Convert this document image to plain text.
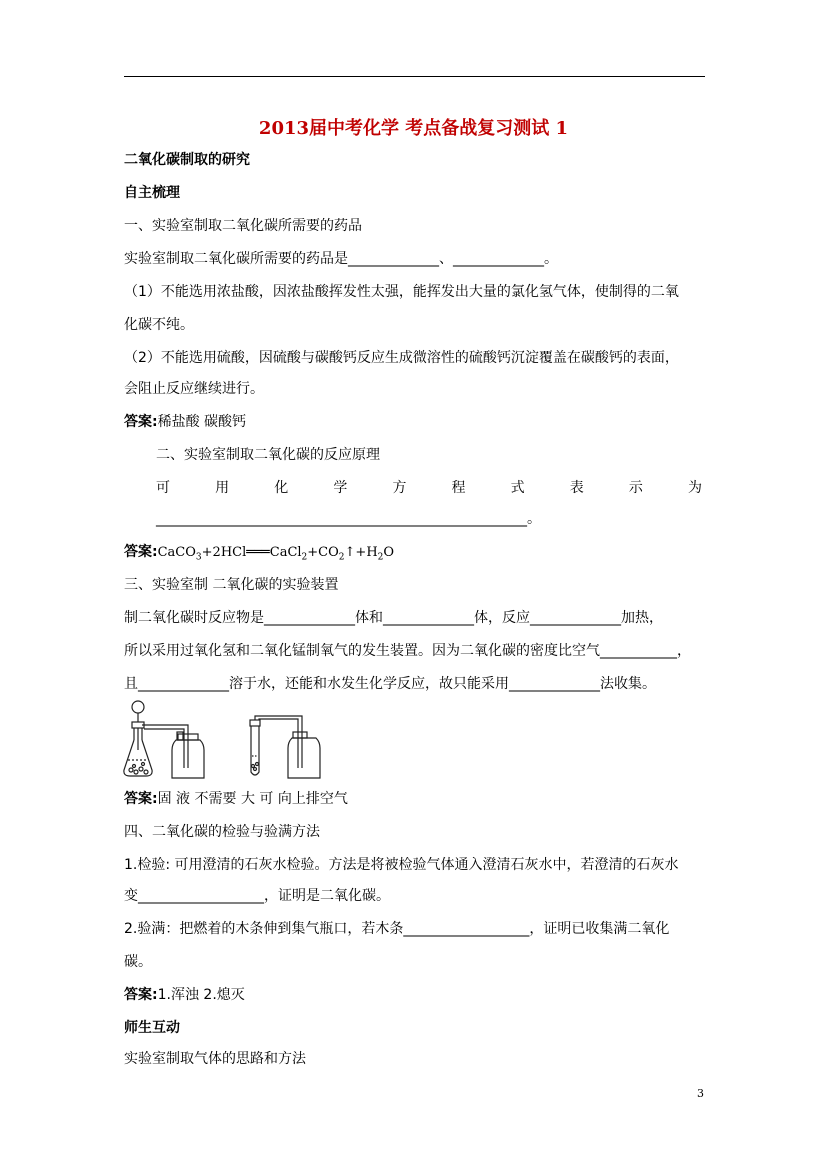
2013届中考化学 考点备战复习测试 1
二氧化碳制取的研究
自主梳理
一、实验室制取二氧化碳所需要的药品
实验室制取二氧化碳所需要的药品是_____________、_____________。
（1）不能选用浓盐酸，因浓盐酸挥发性太强，能挥发出大量的氯化氢气体，使制得的二氧
化碳不纯。
（2）不能选用硫酸，因硫酸与碳酸钙反应生成微溶性的硫酸钙沉淀覆盖在碳酸钙的表面，
会阻止反应继续进行。
答案:稀盐酸 碳酸钙
二、实验室制取二氧化碳的反应原理
可	用	化	学	方	程	式	表	示	为
_____________________________________________________。
答案$:CaCO_3+2HCl═══CaCl_2+CO_2↑+H_2O$
三、实验室制 二氧化碳的实验装置
制二氧化碳时反应物是_____________体和_____________体，反应_____________加热，
所以采用过氧化氢和二氧化锰制氧气的发生装置。因为二氧化碳的密度比空气___________，
且_____________溶于水，还能和水发生化学反应，故只能采用_____________法收集。
答案:固 液 不需要 大 可 向上排空气
四、二氧化碳的检验与验满方法
1.检验: 可用澄清的石灰水检验。方法是将被检验气体通入澄清石灰水中，若澄清的石灰水
变__________________，证明是二氧化碳。
2.验满：把燃着的木条伸到集气瓶口，若木条__________________，证明已收集满二氧化
碳。
答案:1.浑浊 2.熄灭
师生互动
实验室制取气体的思路和方法
3
